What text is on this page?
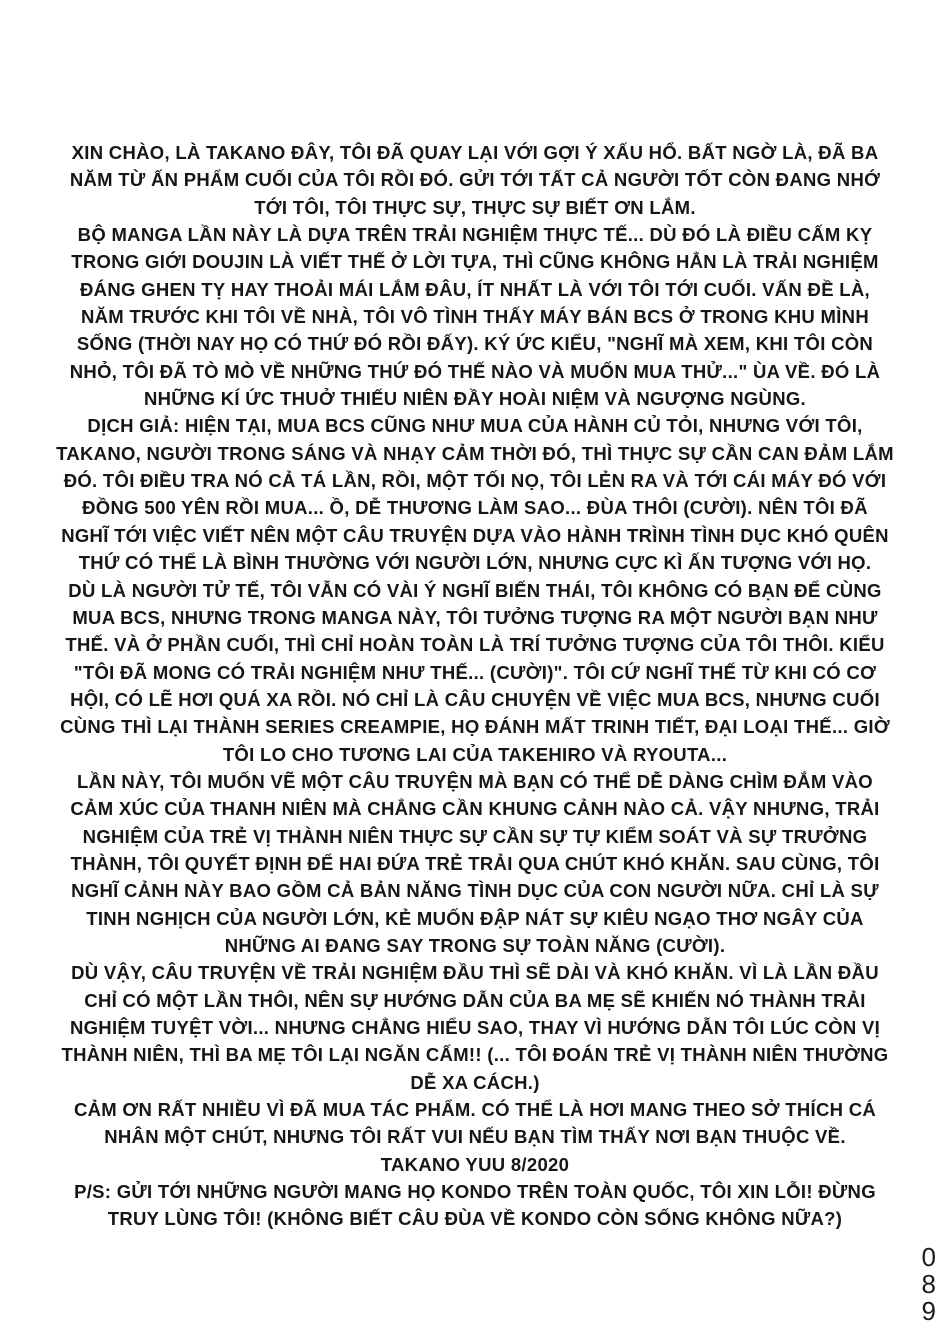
XIN CHÀO, LÀ TAKANO ĐÂY, TÔI ĐÃ QUAY LẠI VỚI GỢI Ý XẤU HỔ. BẤT NGỜ LÀ, ĐÃ BA
NĂM TỪ ẤN PHẨM CUỐI CỦA TÔI RỒI ĐÓ. GỬI TỚI TẤT CẢ NGƯỜI TỐT CÒN ĐANG NHỚ
TỚI TÔI, TÔI THỰC SỰ, THỰC SỰ BIẾT ƠN LẮM.
BỘ MANGA LẦN NÀY LÀ DỰA TRÊN TRẢI NGHIỆM THỰC TẾ... DÙ ĐÓ LÀ ĐIỀU CẤM KỴ
TRONG GIỚI DOUJIN LÀ VIẾT THẾ Ở LỜI TỰA, THÌ CŨNG KHÔNG HẲN LÀ TRẢI NGHIỆM
ĐÁNG GHEN TỴ HAY THOẢI MÁI LẮM ĐÂU, ÍT NHẤT LÀ VỚI TÔI TỚI CUỐI. VẤN ĐỀ LÀ,
NĂM TRƯỚC KHI TÔI VỀ NHÀ, TÔI VÔ TÌNH THẤY MÁY BÁN BCS Ở TRONG KHU MÌNH
SỐNG (THỜI NAY HỌ CÓ THỨ ĐÓ RỒI ĐẤY). KÝ ỨC KIỂU, "NGHĨ MÀ XEM, KHI TÔI CÒN
NHỎ, TÔI ĐÃ TÒ MÒ VỀ NHỮNG THỨ ĐÓ THẾ NÀO VÀ MUỐN MUA THỬ..." ÙA VỀ. ĐÓ LÀ
NHỮNG KÍ ỨC THUỞ THIẾU NIÊN ĐẦY HOÀI NIỆM VÀ NGƯỢNG NGÙNG.
DỊCH GIẢ: HIỆN TẠI, MUA BCS CŨNG NHƯ MUA CỦA HÀNH CỦ TỎI, NHƯNG VỚI TÔI,
TAKANO, NGƯỜI TRONG SÁNG VÀ NHẠY CẢM THỜI ĐÓ, THÌ THỰC SỰ CẦN CAN ĐẢM LẮM
ĐÓ. TÔI ĐIỀU TRA NÓ CẢ TÁ LẦN, RỒI, MỘT TỐI NỌ, TÔI LẺN RA VÀ TỚI CÁI MÁY ĐÓ VỚI
ĐỒNG 500 YÊN RỒI MUA... Ồ, DỄ THƯƠNG LÀM SAO... ĐÙA THÔI (CƯỜI). NÊN TÔI ĐÃ
NGHĨ TỚI VIỆC VIẾT NÊN MỘT CÂU TRUYỆN DỰA VÀO HÀNH TRÌNH TÌNH DỤC KHÓ QUÊN
THỨ CÓ THỂ LÀ BÌNH THƯỜNG VỚI NGƯỜI LỚN, NHƯNG CỰC KÌ ẤN TƯỢNG VỚI HỌ.
DÙ LÀ NGƯỜI TỬ TẾ, TÔI VẪN CÓ VÀI Ý NGHĨ BIẾN THÁI, TÔI KHÔNG CÓ BẠN ĐỂ CÙNG
MUA BCS, NHƯNG TRONG MANGA NÀY, TÔI TƯỞNG TƯỢNG RA MỘT NGƯỜI BẠN NHƯ
THẾ. VÀ Ở PHẦN CUỐI, THÌ CHỈ HOÀN TOÀN LÀ TRÍ TƯỞNG TƯỢNG CỦA TÔI THÔI. KIỂU
"TÔI ĐÃ MONG CÓ TRẢI NGHIỆM NHƯ THẾ... (CƯỜI)". TÔI CỨ NGHĨ THẾ TỪ KHI CÓ CƠ
HỘI, CÓ LẼ HƠI QUÁ XA RỒI. NÓ CHỈ LÀ CÂU CHUYỆN VỀ VIỆC MUA BCS, NHƯNG CUỐI
CÙNG THÌ LẠI THÀNH SERIES CREAMPIE, HỌ ĐÁNH MẤT TRINH TIẾT, ĐẠI LOẠI THẾ... GIỜ
TÔI LO CHO TƯƠNG LAI CỦA TAKEHIRO VÀ RYOUTA...
LẦN NÀY, TÔI MUỐN VẼ MỘT CÂU TRUYỆN MÀ BẠN CÓ THỂ DỄ DÀNG CHÌM ĐẮM VÀO
CẢM XÚC CỦA THANH NIÊN MÀ CHẲNG CẦN KHUNG CẢNH NÀO CẢ. VẬY NHƯNG, TRẢI
NGHIỆM CỦA TRẺ VỊ THÀNH NIÊN THỰC SỰ CẦN SỰ TỰ KIỂM SOÁT VÀ SỰ TRƯỞNG
THÀNH, TÔI QUYẾT ĐỊNH ĐỂ HAI ĐỨA TRẺ TRẢI QUA CHÚT KHÓ KHĂN. SAU CÙNG, TÔI
NGHĨ CẢNH NÀY BAO GỒM CẢ BẢN NĂNG TÌNH DỤC CỦA CON NGƯỜI NỮA. CHỈ LÀ SỰ
TINH NGHỊCH CỦA NGƯỜI LỚN, KẺ MUỐN ĐẬP NÁT SỰ KIÊU NGẠO THƠ NGÂY CỦA
NHỮNG AI ĐANG SAY TRONG SỰ TOÀN NĂNG (CƯỜI).
DÙ VẬY, CÂU TRUYỆN VỀ TRẢI NGHIỆM ĐẦU THÌ SẼ DÀI VÀ KHÓ KHĂN. VÌ LÀ LẦN ĐẦU
CHỈ CÓ MỘT LẦN THÔI, NÊN SỰ HƯỚNG DẪN CỦA BA MẸ SẼ KHIẾN NÓ THÀNH TRẢI
NGHIỆM TUYỆT VỜI... NHƯNG CHẲNG HIỂU SAO, THAY VÌ HƯỚNG DẪN TÔI LÚC CÒN VỊ
THÀNH NIÊN, THÌ BA MẸ TÔI LẠI NGĂN CẤM!! (... TÔI ĐOÁN TRẺ VỊ THÀNH NIÊN THƯỜNG
DỄ XA CÁCH.)
CẢM ƠN RẤT NHIỀU VÌ ĐÃ MUA TÁC PHẨM. CÓ THỂ LÀ HƠI MANG THEO SỞ THÍCH CÁ
NHÂN MỘT CHÚT, NHƯNG TÔI RẤT VUI NẾU BẠN TÌM THẤY NƠI BẠN THUỘC VỀ.
TAKANO YUU 8/2020
P/S: GỬI TỚI NHỮNG NGƯỜI MANG HỌ KONDO TRÊN TOÀN QUỐC, TÔI XIN LỖI! ĐỪNG
TRUY LÙNG TÔI! (KHÔNG BIẾT CÂU ĐÙA VỀ KONDO CÒN SỐNG KHÔNG NỮA?)
0
8
9
